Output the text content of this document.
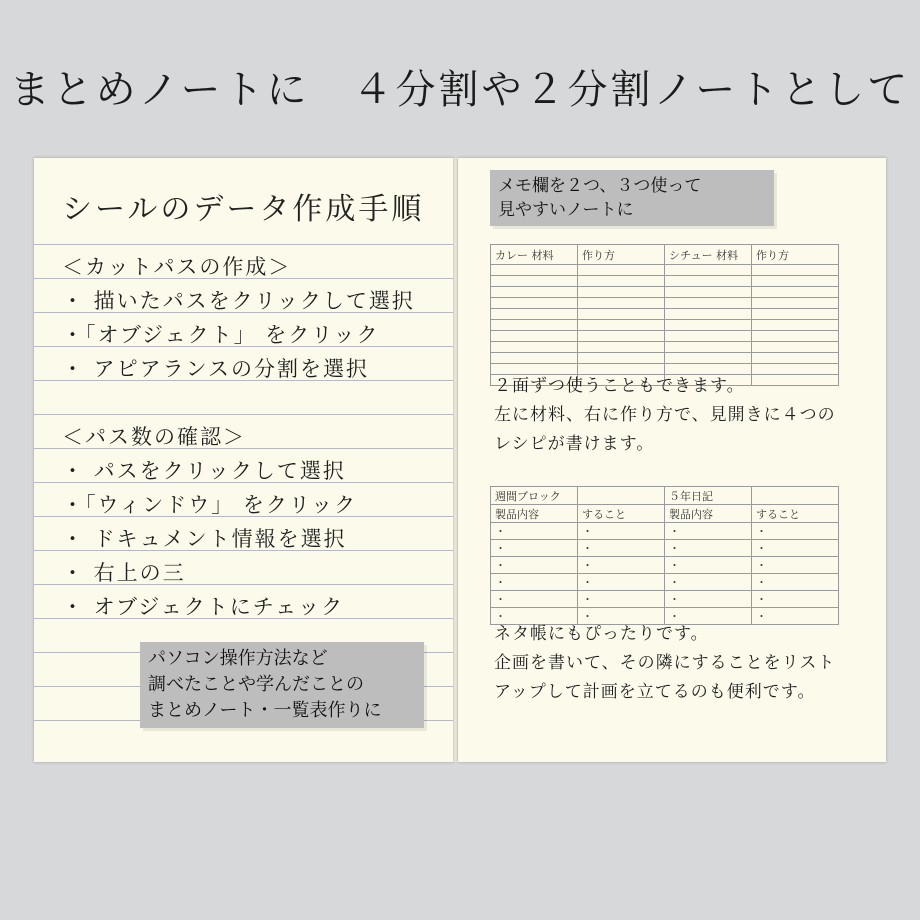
まとめノートに　４分割や２分割ノートとして
シールのデータ作成手順
＜カットパスの作成＞
・ 描いたパスをクリックして選択
・「オブジェクト」 をクリック
・ アピアランスの分割を選択
＜パス数の確認＞
・ パスをクリックして選択
・「ウィンドウ」 をクリック
・ ドキュメント情報を選択
・ 右上の三
・ オブジェクトにチェック
パソコン操作方法など
調べたことや学んだことの
まとめノート・一覧表作りに
メモ欄を２つ、３つ使って
見やすいノートに
カレー 材料	作り方	シチュー 材料	作り方

２面ずつ使うこともできます。
左に材料、右に作り方で、見開きに４つの
レシピが書けます。
週間ブロック		５年日記	
製品内容	すること	製品内容	すること
・	・	・	・
・	・	・	・
・	・	・	・
・	・	・	・
・	・	・	・
・	・	・	・
ネタ帳にもぴったりです。
企画を書いて、その隣にすることをリスト
アップして計画を立てるのも便利です。
